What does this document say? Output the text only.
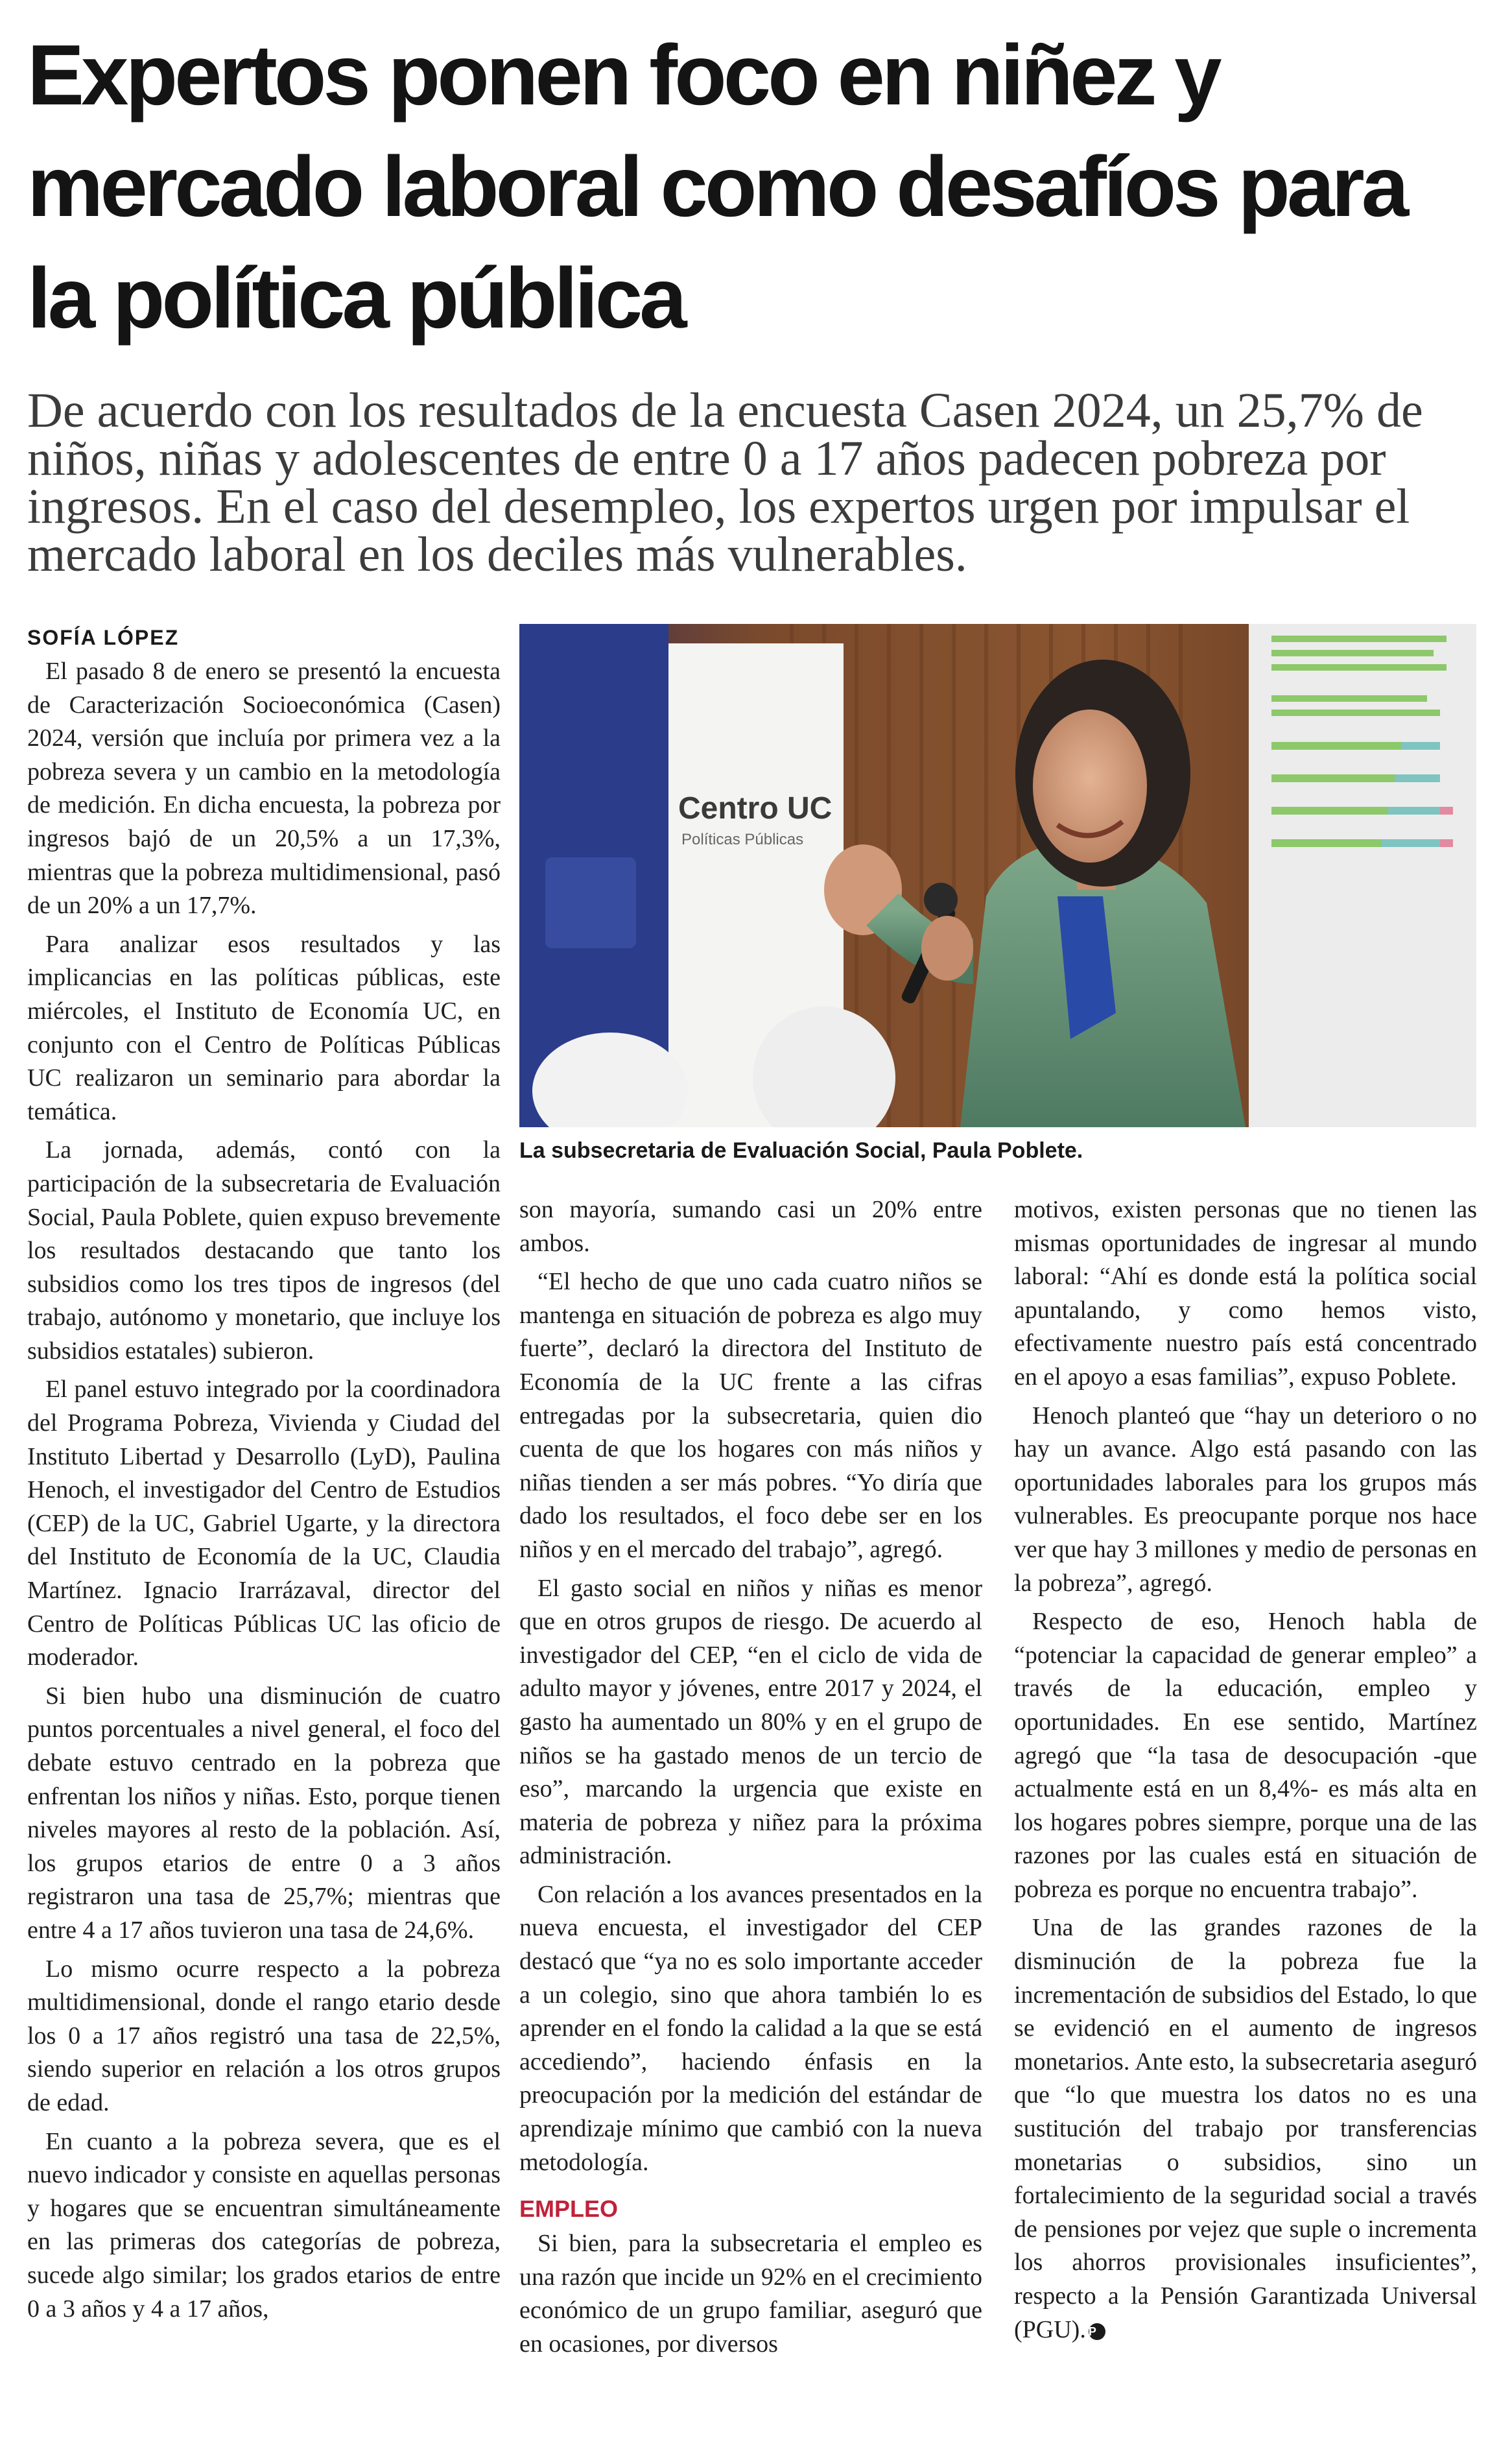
Expertos ponen foco en niñez y mercado laboral como desafíos para la política pública

De acuerdo con los resultados de la encuesta Casen 2024, un 25,7% de niños, niñas y adolescentes de entre 0 a 17 años padecen pobreza por ingresos. En el caso del desempleo, los expertos urgen por impulsar el mercado laboral en los deciles más vulnerables.

SOFÍA LÓPEZ

El pasado 8 de enero se presentó la encuesta de Caracterización Socioeconómica (Casen) 2024, versión que incluía por primera vez a la pobreza severa y un cambio en la metodología de medición. En dicha encuesta, la pobreza por ingresos bajó de un 20,5% a un 17,3%, mientras que la pobreza multidimensional, pasó de un 20% a un 17,7%.

Para analizar esos resultados y las implicancias en las políticas públicas, este miércoles, el Instituto de Economía UC, en conjunto con el Centro de Políticas Públicas UC realizaron un seminario para abordar la temática.

La jornada, además, contó con la participación de la subsecretaria de Evaluación Social, Paula Poblete, quien expuso brevemente los resultados destacando que tanto los subsidios como los tres tipos de ingresos (del trabajo, autónomo y monetario, que incluye los subsidios estatales) subieron.

El panel estuvo integrado por la coordinadora del Programa Pobreza, Vivienda y Ciudad del Instituto Libertad y Desarrollo (LyD), Paulina Henoch, el investigador del Centro de Estudios (CEP) de la UC, Gabriel Ugarte, y la directora del Instituto de Economía de la UC, Claudia Martínez. Ignacio Irarrázaval, director del Centro de Políticas Públicas UC las oficio de moderador.

Si bien hubo una disminución de cuatro puntos porcentuales a nivel general, el foco del debate estuvo centrado en la pobreza que enfrentan los niños y niñas. Esto, porque tienen niveles mayores al resto de la población. Así, los grupos etarios de entre 0 a 3 años registraron una tasa de 25,7%; mientras que entre 4 a 17 años tuvieron una tasa de 24,6%.

Lo mismo ocurre respecto a la pobreza multidimensional, donde el rango etario desde los 0 a 17 años registró una tasa de 22,5%, siendo superior en relación a los otros grupos de edad.

En cuanto a la pobreza severa, que es el nuevo indicador y consiste en aquellas personas y hogares que se encuentran simultáneamente en las primeras dos categorías de pobreza, sucede algo similar; los grados etarios de entre 0 a 3 años y 4 a 17 años,

Centro UC
Políticas Públicas
La subsecretaria de Evaluación Social, Paula Poblete.

son mayoría, sumando casi un 20% entre ambos.

“El hecho de que uno cada cuatro niños se mantenga en situación de pobreza es algo muy fuerte”, declaró la directora del Instituto de Economía de la UC frente a las cifras entregadas por la subsecretaria, quien dio cuenta de que los hogares con más niños y niñas tienden a ser más pobres. “Yo diría que dado los resultados, el foco debe ser en los niños y en el mercado del trabajo”, agregó.

El gasto social en niños y niñas es menor que en otros grupos de riesgo. De acuerdo al investigador del CEP, “en el ciclo de vida de adulto mayor y jóvenes, entre 2017 y 2024, el gasto ha aumentado un 80% y en el grupo de niños se ha gastado menos de un tercio de eso”, marcando la urgencia que existe en materia de pobreza y niñez para la próxima administración.

Con relación a los avances presentados en la nueva encuesta, el investigador del CEP destacó que “ya no es solo importante acceder a un colegio, sino que ahora también lo es aprender en el fondo la calidad a la que se está accediendo”, haciendo énfasis en la preocupación por la medición del estándar de aprendizaje mínimo que cambió con la nueva metodología.

EMPLEO

Si bien, para la subsecretaria el empleo es una razón que incide un 92% en el crecimiento económico de un grupo familiar, aseguró que en ocasiones, por diversos

motivos, existen personas que no tienen las mismas oportunidades de ingresar al mundo laboral: “Ahí es donde está la política social apuntalando, y como hemos visto, efectivamente nuestro país está concentrado en el apoyo a esas familias”, expuso Poblete.

Henoch planteó que “hay un deterioro o no hay un avance. Algo está pasando con las oportunidades laborales para los grupos más vulnerables. Es preocupante porque nos hace ver que hay 3 millones y medio de personas en la pobreza”, agregó.

Respecto de eso, Henoch habla de “potenciar la capacidad de generar empleo” a través de la educación, empleo y oportunidades. En ese sentido, Martínez agregó que “la tasa de desocupación -que actualmente está en un 8,4%- es más alta en los hogares pobres siempre, porque una de las razones por las cuales está en situación de pobreza es porque no encuentra trabajo”.

Una de las grandes razones de la disminución de la pobreza fue la incrementación de subsidios del Estado, lo que se evidenció en el aumento de ingresos monetarios. Ante esto, la subsecretaria aseguró que “lo que muestra los datos no es una sustitución del trabajo por transferencias monetarias o subsidios, sino un fortalecimiento de la seguridad social a través de pensiones por vejez que suple o incrementa los ahorros provisionales insuficientes”, respecto a la Pensión Garantizada Universal (PGU). P
